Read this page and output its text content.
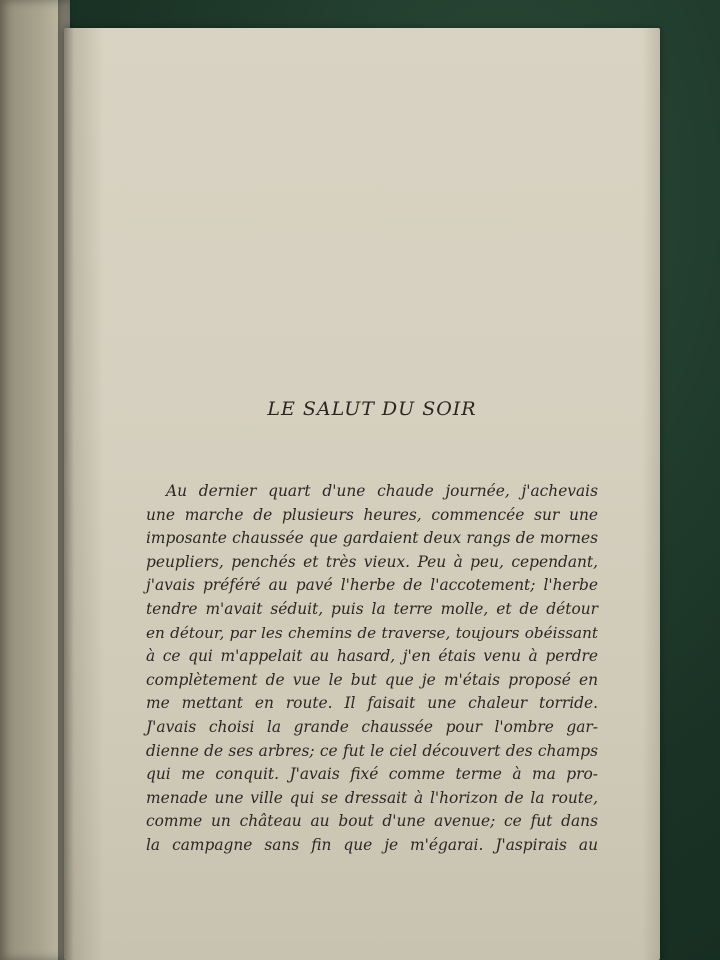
LE SALUT DU SOIR
Au dernier quart d'une chaude journée, j'achevais
une marche de plusieurs heures, commencée sur une
imposante chaussée que gardaient deux rangs de mornes
peupliers, penchés et très vieux. Peu à peu, cependant,
j'avais préféré au pavé l'herbe de l'accotement; l'herbe
tendre m'avait séduit, puis la terre molle, et de détour
en détour, par les chemins de traverse, toujours obéissant
à ce qui m'appelait au hasard, j'en étais venu à perdre
complètement de vue le but que je m'étais proposé en
me mettant en route. Il faisait une chaleur torride.
J'avais choisi la grande chaussée pour l'ombre gar-
dienne de ses arbres; ce fut le ciel découvert des champs
qui me conquit. J'avais fixé comme terme à ma pro-
menade une ville qui se dressait à l'horizon de la route,
comme un château au bout d'une avenue; ce fut dans
la campagne sans fin que je m'égarai. J'aspirais au
